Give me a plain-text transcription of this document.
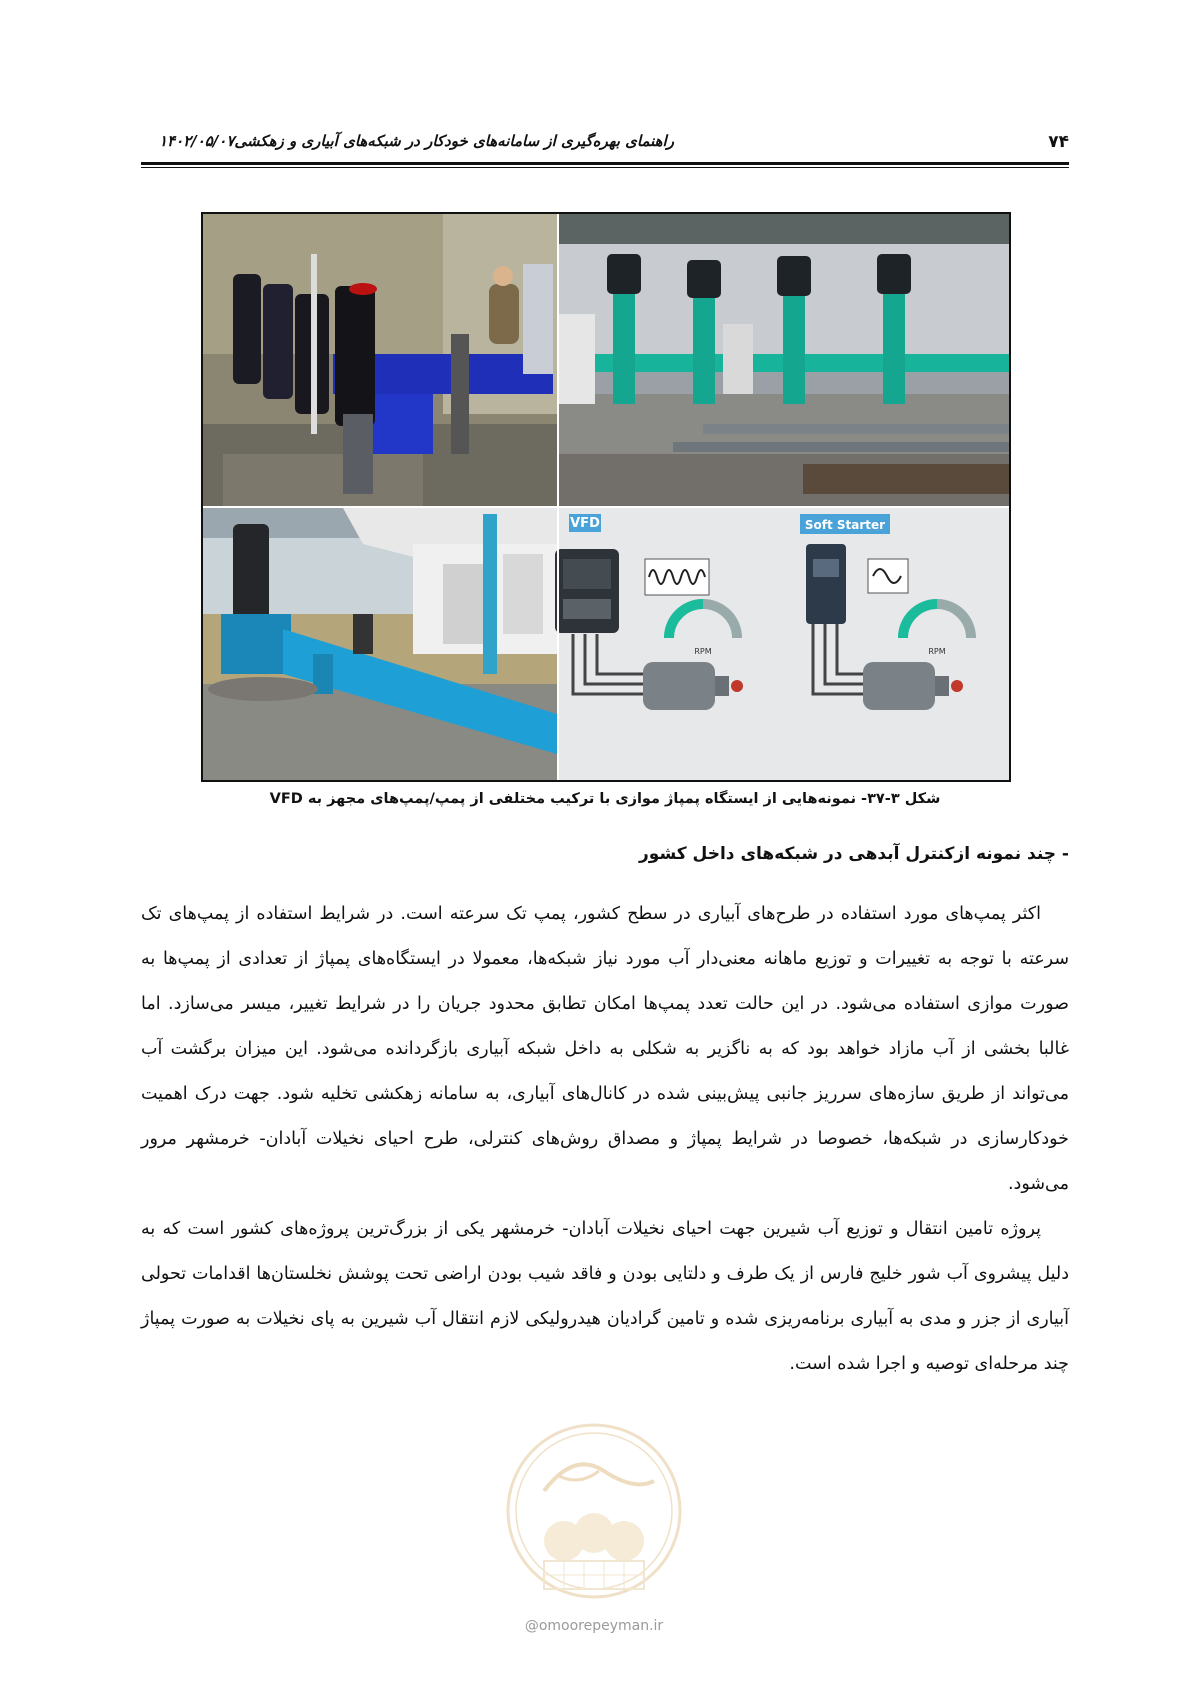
۷۴
راهنمای بهره‌گیری از سامانه‌های خودکار در شبکه‌های آبیاری و زهکشی۱۴۰۲/۰۵/۰۷
VFD	Soft Starter
RPM	RPM
شکل ۳-۳۷- نمونه‌هایی از ایستگاه پمپاژ موازی با ترکیب مختلفی از پمپ/پمپ‌های مجهز به VFD
- چند نمونه ازکنترل آبدهی در شبکه‌های داخل کشور

اکثر پمپ‌های مورد استفاده در طرح‌های آبیاری در سطح کشور، پمپ تک سرعته است. در شرایط استفاده از پمپ‌های تک سرعته با توجه به تغییرات و توزیع ماهانه معنی‌دار آب مورد نیاز شبکه‌ها، معمولا در ایستگاه‌های پمپاژ از تعدادی از پمپ‌ها به صورت موازی استفاده می‌شود. در این حالت تعدد پمپ‌ها امکان تطابق محدود جریان را در شرایط تغییر، میسر می‌سازد. اما غالبا بخشی از آب مازاد خواهد بود که به ناگزیر به شکلی به داخل شبکه آبیاری بازگردانده می‌شود. این میزان برگشت آب می‌تواند از طریق سازه‌های سرریز جانبی پیش‌بینی شده در کانال‌های آبیاری، به سامانه زهکشی تخلیه شود. جهت درک اهمیت خودکارسازی در شبکه‌ها، خصوصا در شرایط پمپاژ و مصداق روش‌های کنترلی، طرح احیای نخیلات آبادان- خرمشهر مرور می‌شود.

پروژه تامین انتقال و توزیع آب شیرین جهت احیای نخیلات آبادان- خرمشهر یکی از بزرگ‌ترین پروژه‌های کشور است که به دلیل پیشروی آب شور خلیج فارس از یک طرف و دلتایی بودن و فاقد شیب بودن اراضی تحت پوشش نخلستان‌ها اقدامات تحولی آبیاری از جزر و مدی به آبیاری برنامه‌ریزی شده و تامین گرادیان هیدرولیکی لازم انتقال آب شیرین به پای نخیلات به صورت پمپاژ چند مرحله‌ای توصیه و اجرا شده است.

@omoorepeyman.ir
